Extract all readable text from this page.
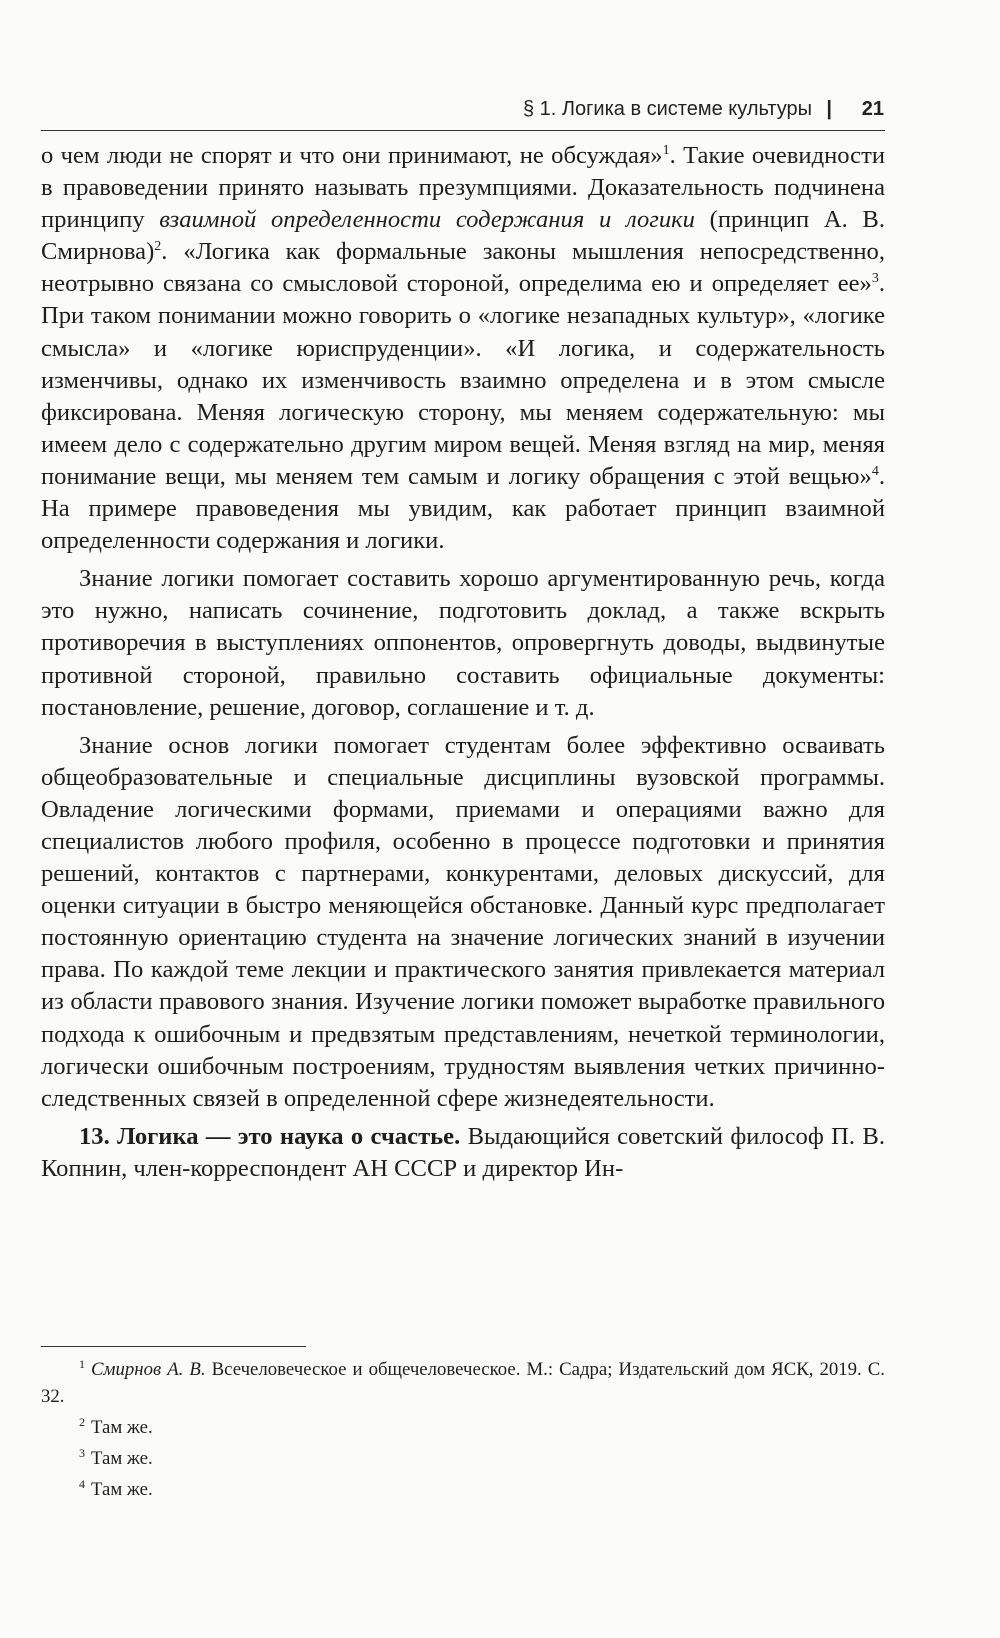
§ 1. Логика в системе культуры | 21

о чем люди не спорят и что они принимают, не обсуждая»$^1$. Такие очевидности в правоведении принято называть презумпциями. Доказательность подчинена принципу взаимной определенности содержания и логики (принцип А. В. Смирнова)$^2$. «Логика как формальные законы мышления непосредственно, неотрывно связана со смысловой стороной, определима ею и определяет ее»$^3$. При таком понимании можно говорить о «логике незападных культур», «логике смысла» и «логике юриспруденции». «И логика, и содержательность изменчивы, однако их изменчивость взаимно определена и в этом смысле фиксирована. Меняя логическую сторону, мы меняем содержательную: мы имеем дело с содержательно другим миром вещей. Меняя взгляд на мир, меняя понимание вещи, мы меняем тем самым и логику обращения с этой вещью»$^4$. На примере правоведения мы увидим, как работает принцип взаимной определенности содержания и логики.

Знание логики помогает составить хорошо аргументированную речь, когда это нужно, написать сочинение, подготовить доклад, а также вскрыть противоречия в выступлениях оппонентов, опровергнуть доводы, выдвинутые противной стороной, правильно составить официальные документы: постановление, решение, договор, соглашение и т. д.

Знание основ логики помогает студентам более эффективно осваивать общеобразовательные и специальные дисциплины вузовской программы. Овладение логическими формами, приемами и операциями важно для специалистов любого профиля, особенно в процессе подготовки и принятия решений, контактов с партнерами, конкурентами, деловых дискуссий, для оценки ситуации в быстро меняющейся обстановке. Данный курс предполагает постоянную ориентацию студента на значение логических знаний в изучении права. По каждой теме лекции и практического занятия привлекается материал из области правового знания. Изучение логики поможет выработке правильного подхода к ошибочным и предвзятым представлениям, нечеткой терминологии, логически ошибочным построениям, трудностям выявления четких причинно-следственных связей в определенной сфере жизнедеятельности.

13. Логика — это наука о счастье. Выдающийся советский философ П. В. Копнин, член-корреспондент АН СССР и директор Ин-

$^1$ Смирнов А. В. Всечеловеческое и общечеловеческое. М.: Садра; Издательский дом ЯСК, 2019. С. 32.

$^2$ Там же.

$^3$ Там же.

$^4$ Там же.
